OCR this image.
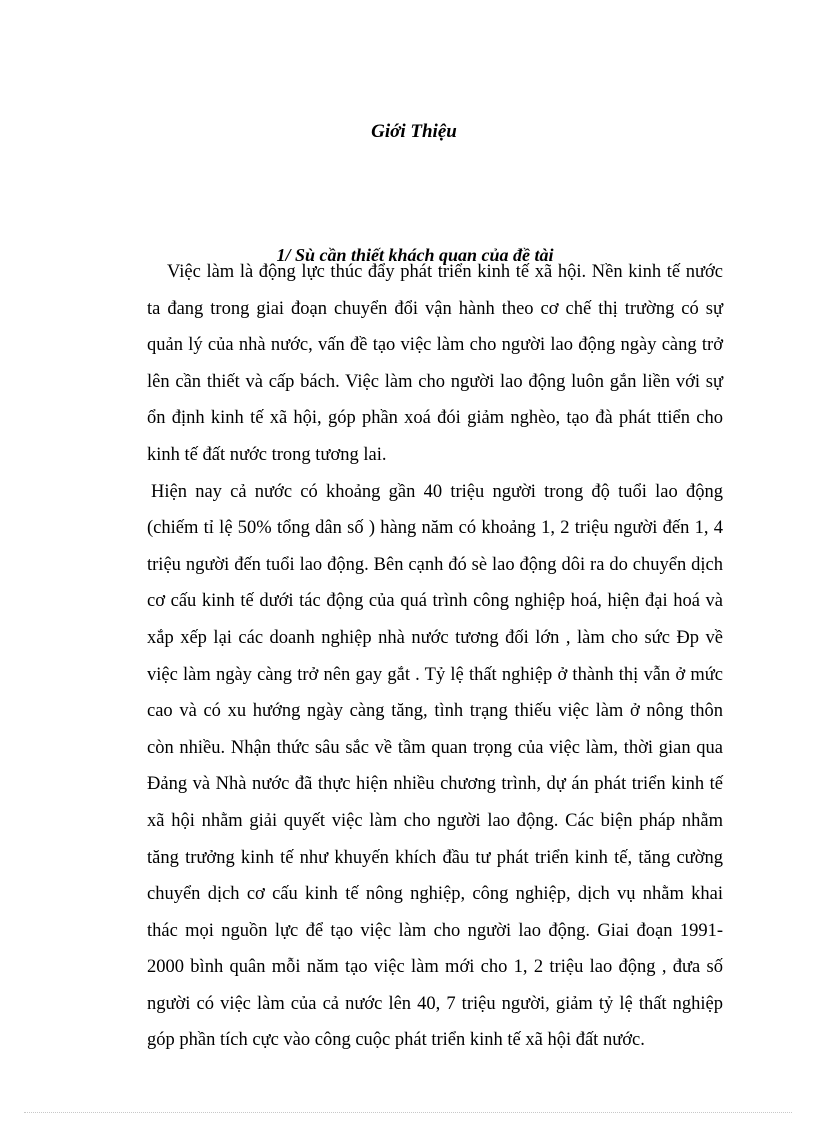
Giới Thiệu
1/ Sù cần thiết khách quan của đề tài

Việc làm là động lực thúc đẩy phát triển kinh tế xã hội. Nền kinh tế nước ta đang trong giai đoạn chuyển đổi vận hành theo cơ chế thị trường có sự quản lý của nhà nước, vấn đề tạo việc làm cho người lao động ngày càng trở lên cần thiết và cấp bách. Việc làm cho người lao động luôn gắn liền với sự ổn định kinh tế xã hội, góp phần xoá đói giảm nghèo, tạo đà phát ttiển cho kinh tế đất nước trong tương lai.

Hiện nay cả nước có khoảng gần 40 triệu người trong độ tuổi lao động (chiếm tỉ lệ 50% tổng dân số ) hàng năm có khoảng 1, 2 triệu người đến 1, 4 triệu người đến tuổi lao động. Bên cạnh đó sè lao động dôi ra do chuyển dịch cơ cấu kinh tế dưới tác động của quá trình công nghiệp hoá, hiện đại hoá và xắp xếp lại các doanh nghiệp nhà nước tương đối lớn , làm cho sức Đp về việc làm ngày càng trở nên gay gắt . Tỷ lệ thất nghiệp ở thành thị vẫn ở mức cao và có xu hướng ngày càng tăng, tình trạng thiếu việc làm ở nông thôn còn nhiều. Nhận thức sâu sắc về tầm quan trọng của việc làm, thời gian qua Đảng và Nhà nước đã thực hiện nhiều chương trình, dự án phát triển kinh tế xã hội nhằm giải quyết việc làm cho người lao động. Các biện pháp nhằm tăng trưởng kinh tế như khuyến khích đầu tư phát triển kinh tế, tăng cường chuyển dịch cơ cấu kinh tế nông nghiệp, công nghiệp, dịch vụ nhằm khai thác mọi nguồn lực để tạo việc làm cho người lao động. Giai đoạn 1991- 2000 bình quân mỗi năm tạo việc làm mới cho 1, 2 triệu lao động , đưa số người có việc làm của cả nước lên 40, 7 triệu người, giảm tỷ lệ thất nghiệp góp phần tích cực vào công cuộc phát triển kinh tế xã hội đất nước.
